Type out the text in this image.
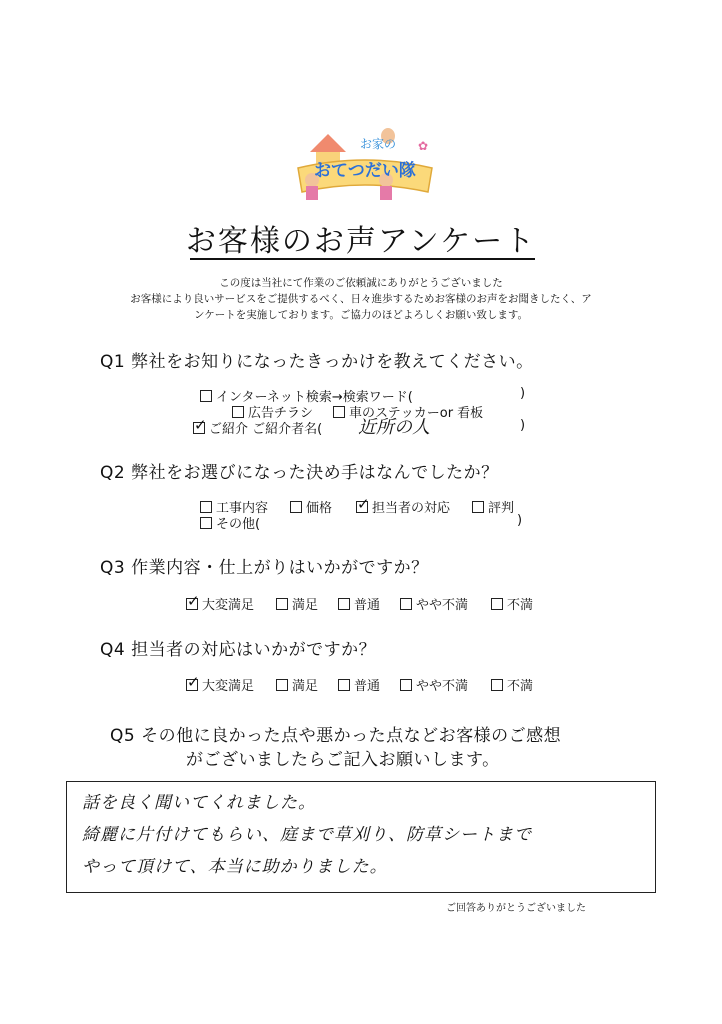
お家の
おてつだい隊
✿
お客様のお声アンケート
この度は当社にて作業のご依頼誠にありがとうございました
お客様により良いサービスをご提供するべく、日々進歩するためお客様のお声をお聞きしたく、ア
ンケートを実施しております。ご協力のほどよろしくお願い致します。
Q1 弊社をお知りになったきっかけを教えてください。
インターネット検索→検索ワード(	)
広告チラシ	車のステッカーor 看板
✓ご紹介 ご紹介者名( 近所の人	)
Q2 弊社をお選びになった決め手はなんでしたか？
工事内容	価格
✓	担当者の対応	評判
その他(	)
Q3 作業内容・仕上がりはいかがですか？
✓大変満足	満足	普通	やや不満	不満
Q4 担当者の対応はいかがですか？
✓大変満足	満足	普通	やや不満	不満
Q5 その他に良かった点や悪かった点などお客様のご感想
がございましたらご記入お願いします。
話を良く聞いてくれました。
綺麗に片付けてもらい、庭まで草刈り、防草シートまで
やって頂けて、本当に助かりました。
ご回答ありがとうございました
